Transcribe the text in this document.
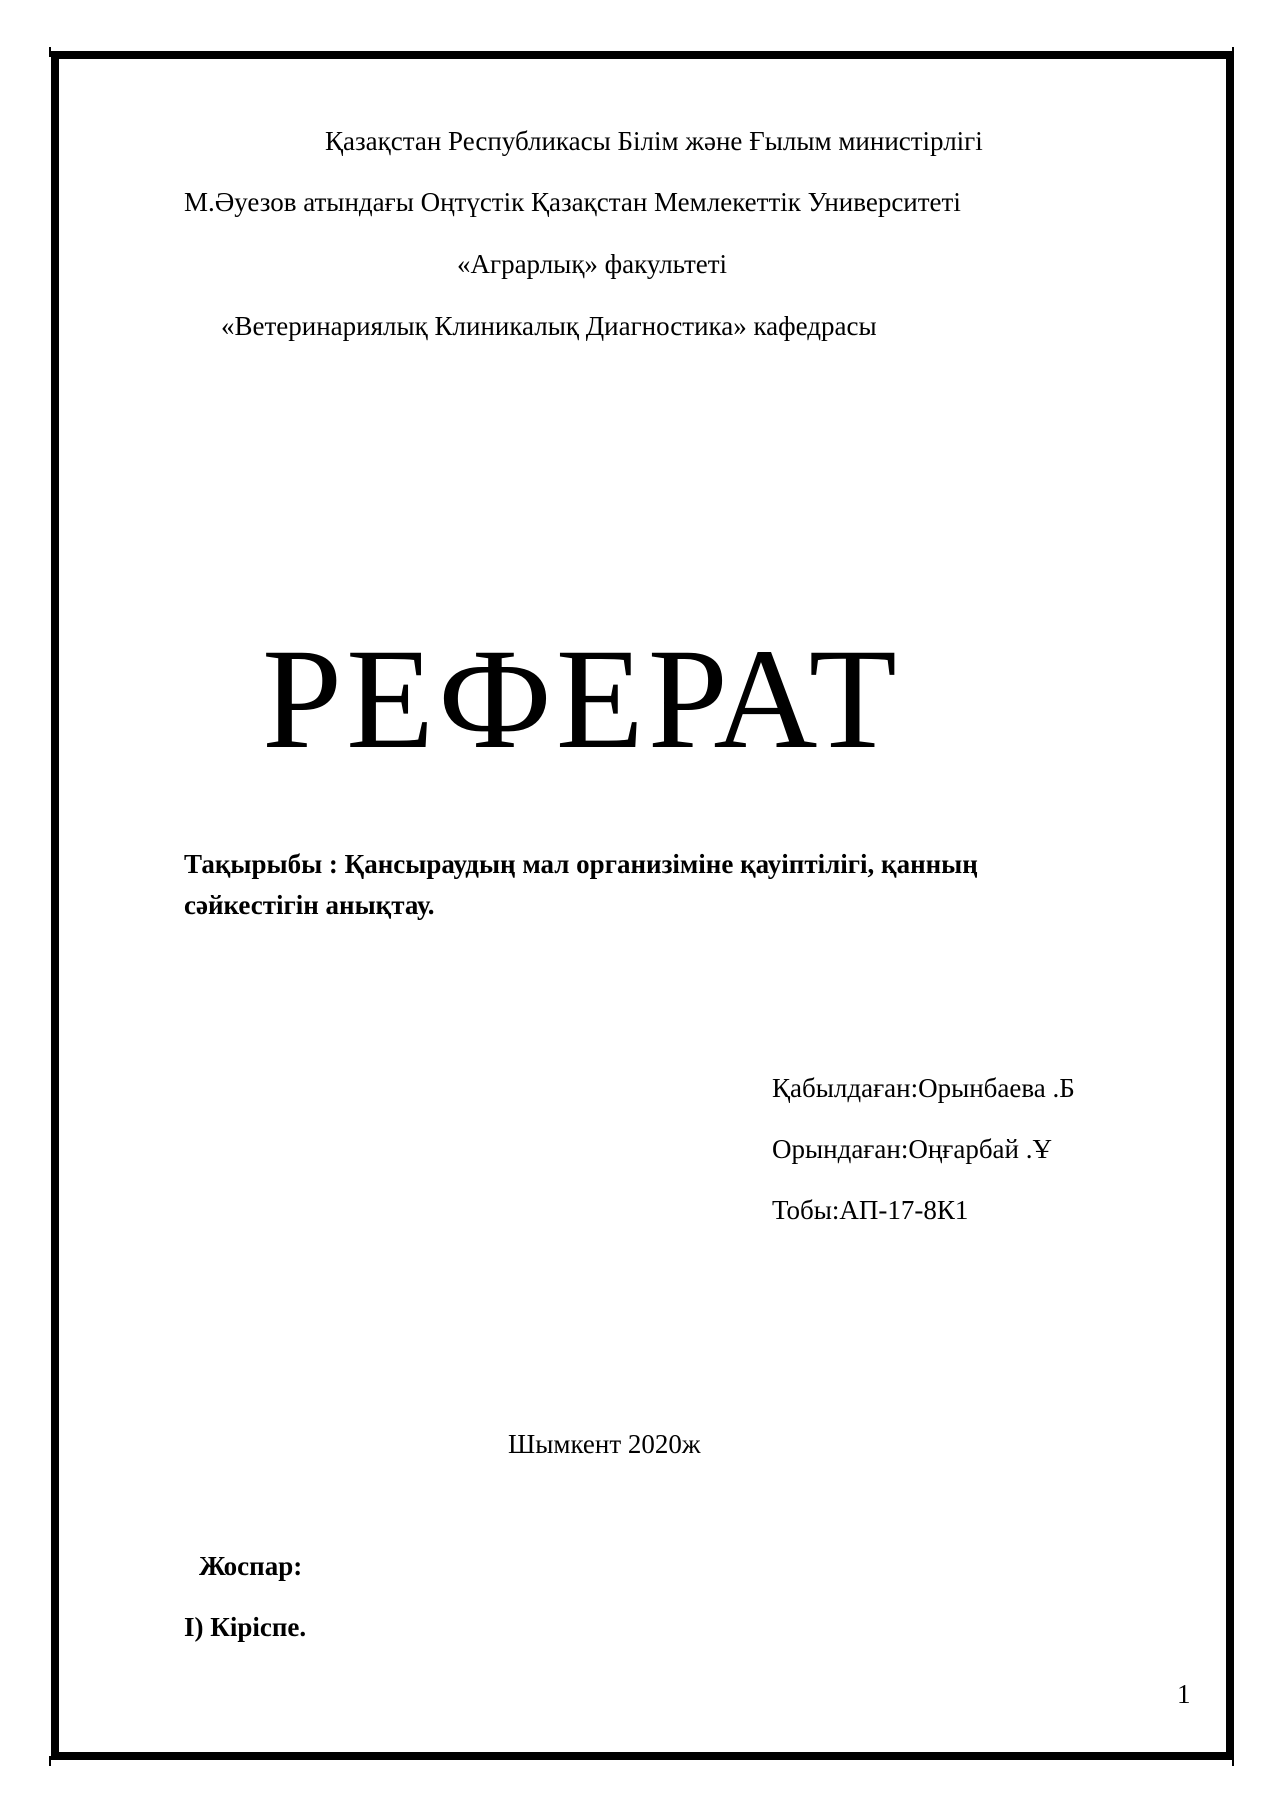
Қазақстан Республикасы Білім және Ғылым министірлігі
М.Әуезов атындағы Оңтүстік Қазақстан Мемлекеттік Университеті
«Аграрлық» факультеті
«Ветеринариялық Клиникалық Диагностика» кафедрасы
РЕФЕРАТ
Тақырыбы : Қансыраудың мал организіміне қауіптілігі, қанның
сәйкестігін анықтау.
Қабылдаған:Орынбаева .Б
Орындаған:Оңғарбай .Ұ
Тобы:АП-17-8К1
Шымкент 2020ж
Жоспар:
I) Кіріспе.
1
